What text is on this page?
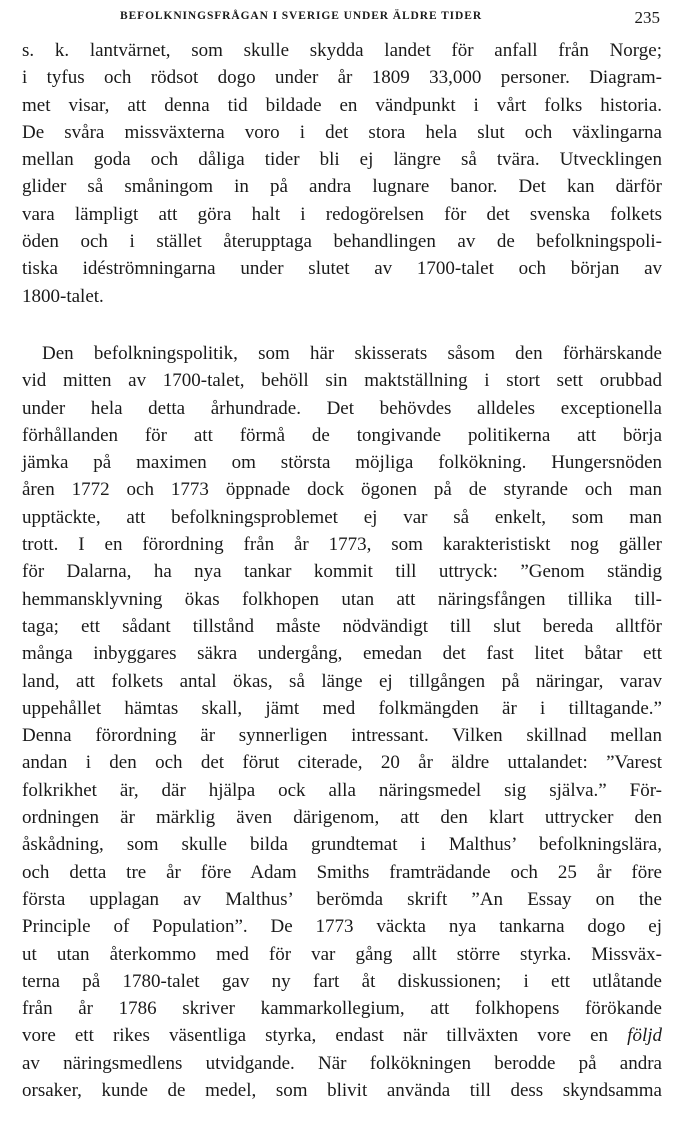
BEFOLKNINGSFRÅGAN I SVERIGE UNDER ÄLDRE TIDER	235
s. k. lantvärnet, som skulle skydda landet för anfall från Norge;
i tyfus och rödsot dogo under år 1809 33,000 personer. Diagram-
met visar, att denna tid bildade en vändpunkt i vårt folks historia.
De svåra missväxterna voro i det stora hela slut och växlingarna
mellan goda och dåliga tider bli ej längre så tvära. Utvecklingen
glider så småningom in på andra lugnare banor. Det kan därför
vara lämpligt att göra halt i redogörelsen för det svenska folkets
öden och i stället återupptaga behandlingen av de befolkningspoli-
tiska idéströmningarna under slutet av 1700-talet och början av
1800-talet.
Den befolkningspolitik, som här skisserats såsom den förhärskande
vid mitten av 1700-talet, behöll sin maktställning i stort sett orubbad
under hela detta århundrade. Det behövdes alldeles exceptionella
förhållanden för att förmå de tongivande politikerna att börja
jämka på maximen om största möjliga folkökning. Hungersnöden
åren 1772 och 1773 öppnade dock ögonen på de styrande och man
upptäckte, att befolkningsproblemet ej var så enkelt, som man
trott. I en förordning från år 1773, som karakteristiskt nog gäller
för Dalarna, ha nya tankar kommit till uttryck: ”Genom ständig
hemmansklyvning ökas folkhopen utan att näringsfången tillika till-
taga; ett sådant tillstånd måste nödvändigt till slut bereda alltför
många inbyggares säkra undergång, emedan det fast litet båtar ett
land, att folkets antal ökas, så länge ej tillgången på näringar, varav
uppehållet hämtas skall, jämt med folkmängden är i tilltagande.”
Denna förordning är synnerligen intressant. Vilken skillnad mellan
andan i den och det förut citerade, 20 år äldre uttalandet: ”Varest
folkrikhet är, där hjälpa ock alla näringsmedel sig själva.” För-
ordningen är märklig även därigenom, att den klart uttrycker den
åskådning, som skulle bilda grundtemat i Malthus’ befolkningslära,
och detta tre år före Adam Smiths framträdande och 25 år före
första upplagan av Malthus’ berömda skrift ”An Essay on the
Principle of Population”. De 1773 väckta nya tankarna dogo ej
ut utan återkommo med för var gång allt större styrka. Missväx-
terna på 1780-talet gav ny fart åt diskussionen; i ett utlåtande
från år 1786 skriver kammarkollegium, att folkhopens förökande
vore ett rikes väsentliga styrka, endast när tillväxten vore en följd
av näringsmedlens utvidgande. När folkökningen berodde på andra
orsaker, kunde de medel, som blivit använda till dess skyndsamma
